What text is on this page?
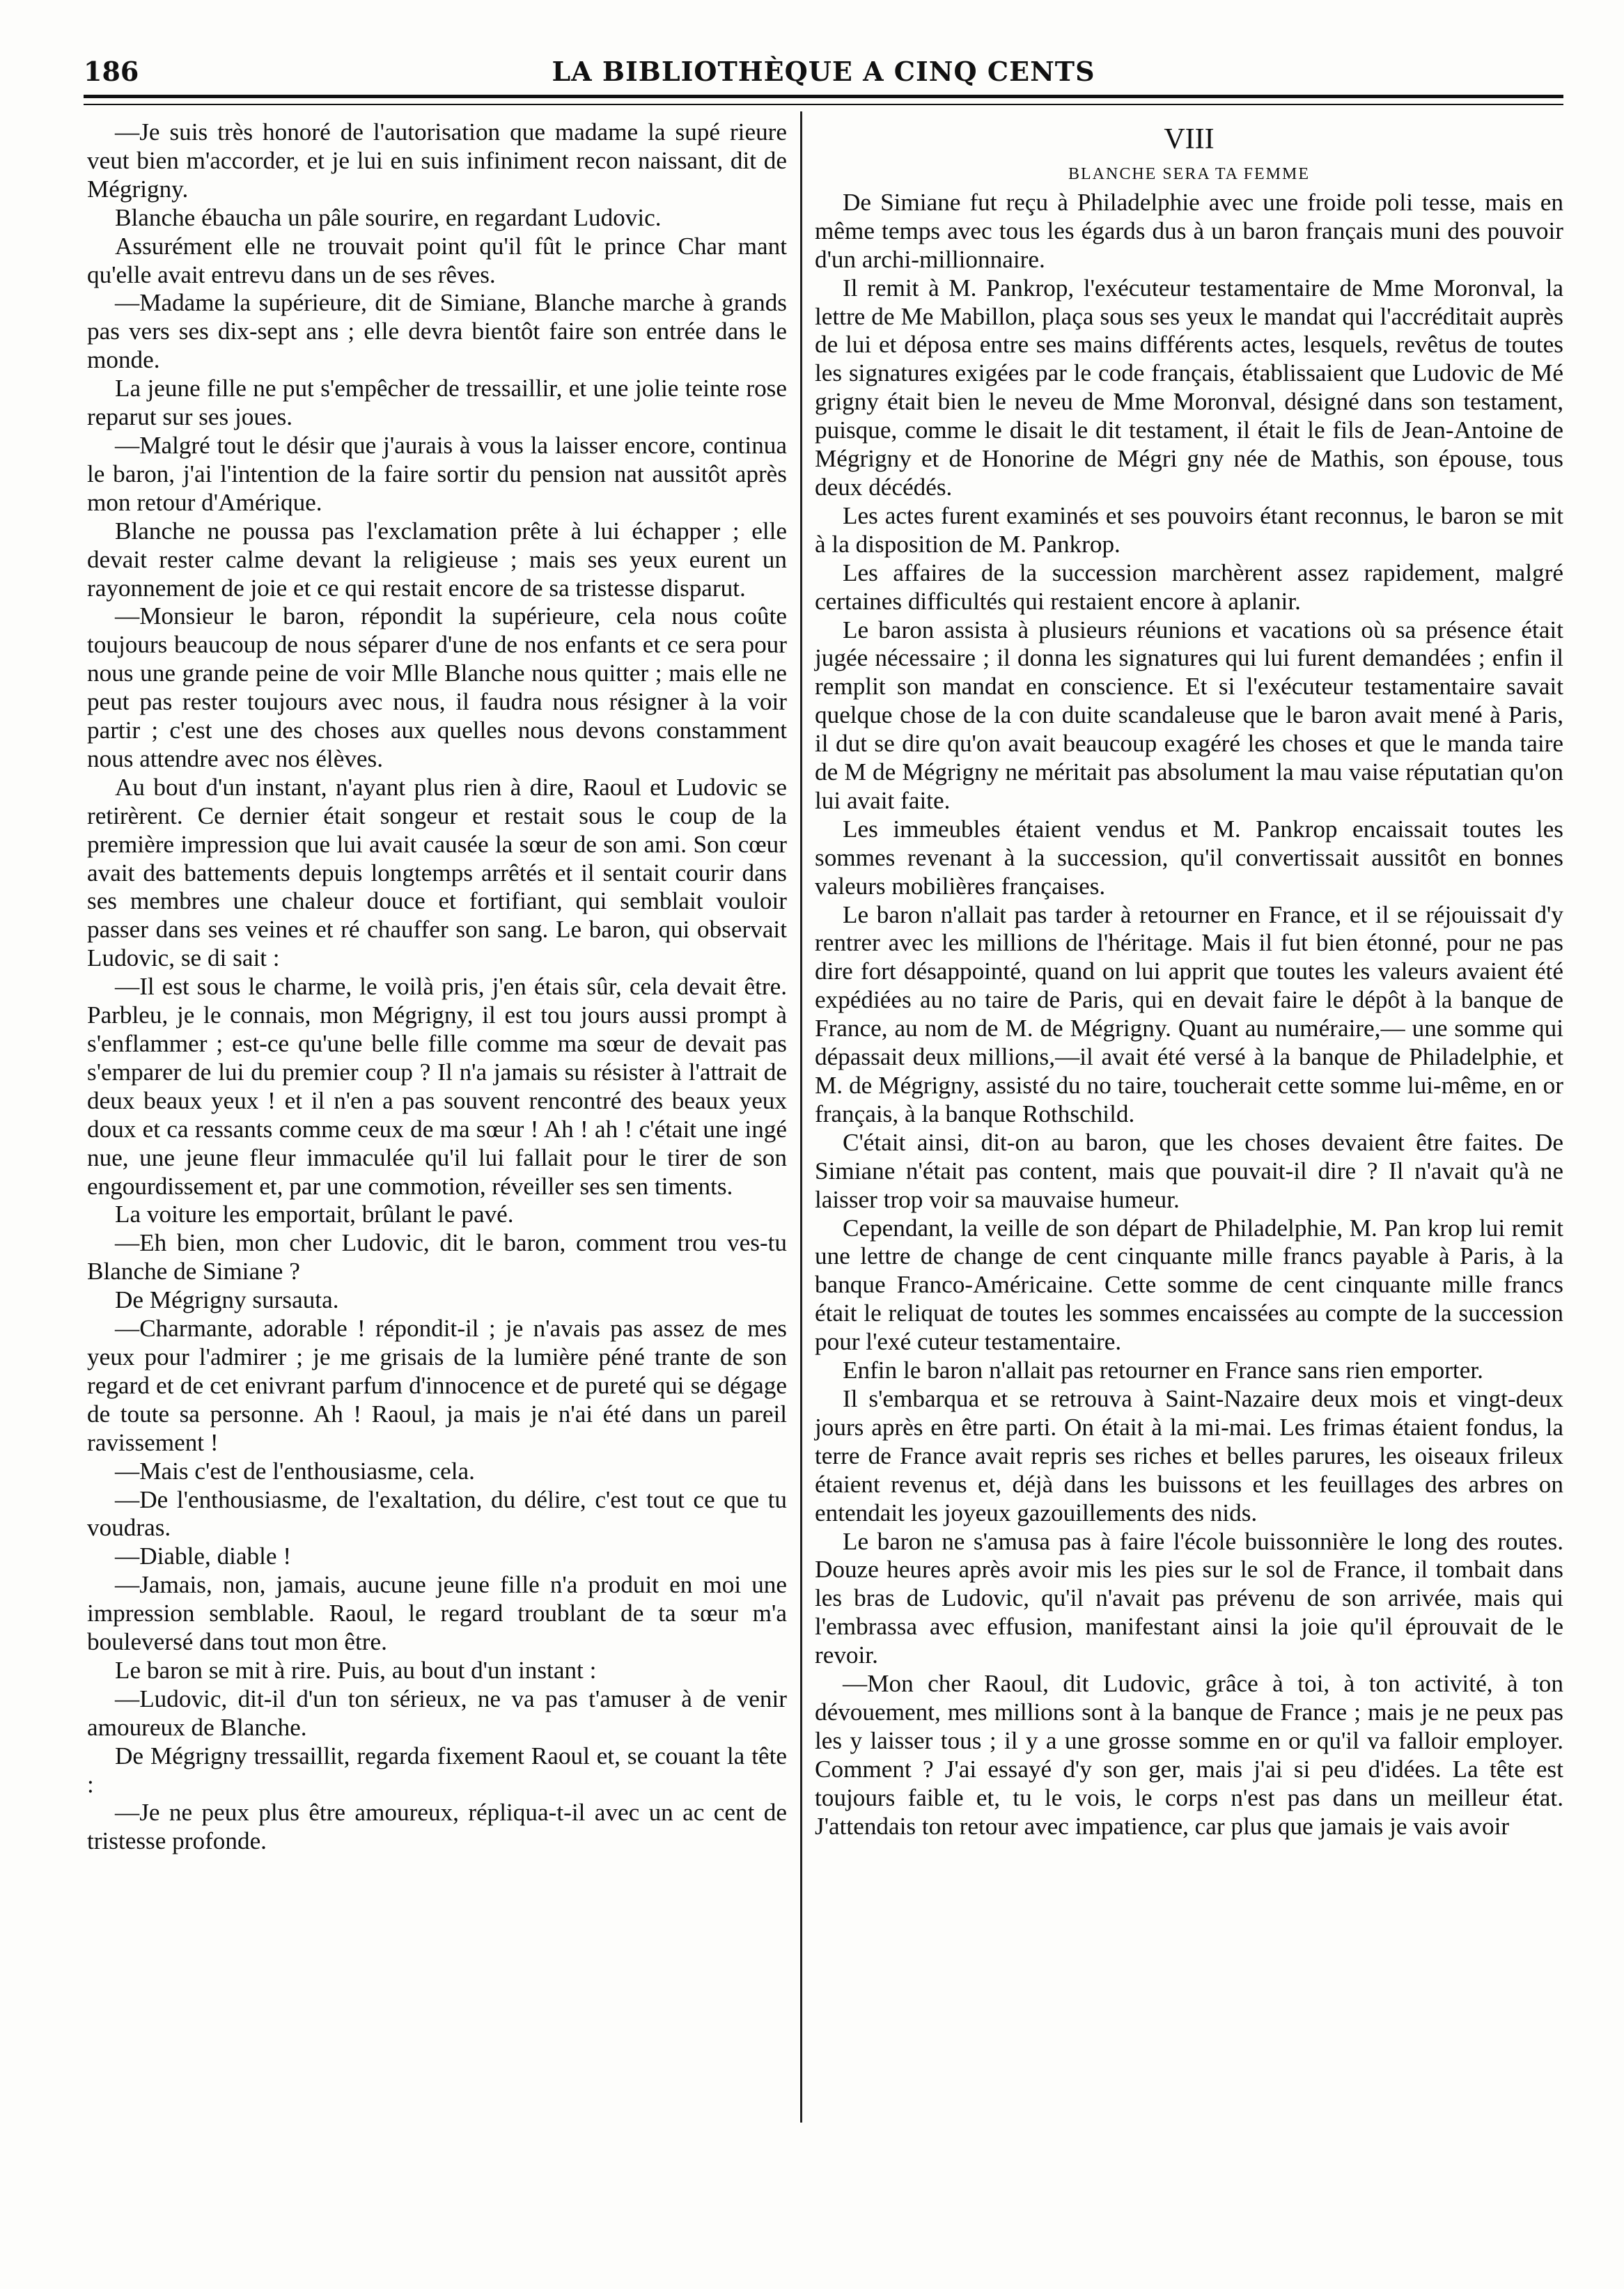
186	LA BIBLIOTHÈQUE A CINQ CENTS

—Je suis très honoré de l'autorisation que madame la supé rieure veut bien m'accorder, et je lui en suis infiniment recon naissant, dit de Mégrigny.

Blanche ébaucha un pâle sourire, en regardant Ludovic.

Assurément elle ne trouvait point qu'il fût le prince Char mant qu'elle avait entrevu dans un de ses rêves.

—Madame la supérieure, dit de Simiane, Blanche marche à grands pas vers ses dix-sept ans ; elle devra bientôt faire son entrée dans le monde.

La jeune fille ne put s'empêcher de tressaillir, et une jolie teinte rose reparut sur ses joues.

—Malgré tout le désir que j'aurais à vous la laisser encore, continua le baron, j'ai l'intention de la faire sortir du pension nat aussitôt après mon retour d'Amérique.

Blanche ne poussa pas l'exclamation prête à lui échapper ; elle devait rester calme devant la religieuse ; mais ses yeux eurent un rayonnement de joie et ce qui restait encore de sa tristesse disparut.

—Monsieur le baron, répondit la supérieure, cela nous coûte toujours beaucoup de nous séparer d'une de nos enfants et ce sera pour nous une grande peine de voir Mlle Blanche nous quitter ; mais elle ne peut pas rester toujours avec nous, il faudra nous résigner à la voir partir ; c'est une des choses aux quelles nous devons constamment nous attendre avec nos élèves.

Au bout d'un instant, n'ayant plus rien à dire, Raoul et Ludovic se retirèrent. Ce dernier était songeur et restait sous le coup de la première impression que lui avait causée la sœur de son ami. Son cœur avait des battements depuis longtemps arrêtés et il sentait courir dans ses membres une chaleur douce et fortifiant, qui semblait vouloir passer dans ses veines et ré chauffer son sang. Le baron, qui observait Ludovic, se di sait :

—Il est sous le charme, le voilà pris, j'en étais sûr, cela devait être. Parbleu, je le connais, mon Mégrigny, il est tou jours aussi prompt à s'enflammer ; est-ce qu'une belle fille comme ma sœur de devait pas s'emparer de lui du premier coup ? Il n'a jamais su résister à l'attrait de deux beaux yeux ! et il n'en a pas souvent rencontré des beaux yeux doux et ca ressants comme ceux de ma sœur ! Ah ! ah ! c'était une ingé nue, une jeune fleur immaculée qu'il lui fallait pour le tirer de son engourdissement et, par une commotion, réveiller ses sen timents.

La voiture les emportait, brûlant le pavé.

—Eh bien, mon cher Ludovic, dit le baron, comment trou ves-tu Blanche de Simiane ?

De Mégrigny sursauta.

—Charmante, adorable ! répondit-il ; je n'avais pas assez de mes yeux pour l'admirer ; je me grisais de la lumière péné trante de son regard et de cet enivrant parfum d'innocence et de pureté qui se dégage de toute sa personne. Ah ! Raoul, ja mais je n'ai été dans un pareil ravissement !

—Mais c'est de l'enthousiasme, cela.

—De l'enthousiasme, de l'exaltation, du délire, c'est tout ce que tu voudras.

—Diable, diable !

—Jamais, non, jamais, aucune jeune fille n'a produit en moi une impression semblable. Raoul, le regard troublant de ta sœur m'a bouleversé dans tout mon être.

Le baron se mit à rire. Puis, au bout d'un instant :

—Ludovic, dit-il d'un ton sérieux, ne va pas t'amuser à de venir amoureux de Blanche.

De Mégrigny tressaillit, regarda fixement Raoul et, se couant la tête :

—Je ne peux plus être amoureux, répliqua-t-il avec un ac cent de tristesse profonde.

VIII

BLANCHE SERA TA FEMME

De Simiane fut reçu à Philadelphie avec une froide poli tesse, mais en même temps avec tous les égards dus à un baron français muni des pouvoir d'un archi-millionnaire.

Il remit à M. Pankrop, l'exécuteur testamentaire de Mme Moronval, la lettre de Me Mabillon, plaça sous ses yeux le mandat qui l'accréditait auprès de lui et déposa entre ses mains différents actes, lesquels, revêtus de toutes les signatures exigées par le code français, établissaient que Ludovic de Mé grigny était bien le neveu de Mme Moronval, désigné dans son testament, puisque, comme le disait le dit testament, il était le fils de Jean-Antoine de Mégrigny et de Honorine de Mégri gny née de Mathis, son épouse, tous deux décédés.

Les actes furent examinés et ses pouvoirs étant reconnus, le baron se mit à la disposition de M. Pankrop.

Les affaires de la succession marchèrent assez rapidement, malgré certaines difficultés qui restaient encore à aplanir.

Le baron assista à plusieurs réunions et vacations où sa présence était jugée nécessaire ; il donna les signatures qui lui furent demandées ; enfin il remplit son mandat en conscience. Et si l'exécuteur testamentaire savait quelque chose de la con duite scandaleuse que le baron avait mené à Paris, il dut se dire qu'on avait beaucoup exagéré les choses et que le manda taire de M de Mégrigny ne méritait pas absolument la mau vaise réputatian qu'on lui avait faite.

Les immeubles étaient vendus et M. Pankrop encaissait toutes les sommes revenant à la succession, qu'il convertissait aussitôt en bonnes valeurs mobilières françaises.

Le baron n'allait pas tarder à retourner en France, et il se réjouissait d'y rentrer avec les millions de l'héritage. Mais il fut bien étonné, pour ne pas dire fort désappointé, quand on lui apprit que toutes les valeurs avaient été expédiées au no taire de Paris, qui en devait faire le dépôt à la banque de France, au nom de M. de Mégrigny. Quant au numéraire,— une somme qui dépassait deux millions,—il avait été versé à la banque de Philadelphie, et M. de Mégrigny, assisté du no taire, toucherait cette somme lui-même, en or français, à la banque Rothschild.

C'était ainsi, dit-on au baron, que les choses devaient être faites. De Simiane n'était pas content, mais que pouvait-il dire ? Il n'avait qu'à ne laisser trop voir sa mauvaise humeur.

Cependant, la veille de son départ de Philadelphie, M. Pan krop lui remit une lettre de change de cent cinquante mille francs payable à Paris, à la banque Franco-Américaine. Cette somme de cent cinquante mille francs était le reliquat de toutes les sommes encaissées au compte de la succession pour l'exé cuteur testamentaire.

Enfin le baron n'allait pas retourner en France sans rien emporter.

Il s'embarqua et se retrouva à Saint-Nazaire deux mois et vingt-deux jours après en être parti. On était à la mi-mai. Les frimas étaient fondus, la terre de France avait repris ses riches et belles parures, les oiseaux frileux étaient revenus et, déjà dans les buissons et les feuillages des arbres on entendait les joyeux gazouillements des nids.

Le baron ne s'amusa pas à faire l'école buissonnière le long des routes. Douze heures après avoir mis les pies sur le sol de France, il tombait dans les bras de Ludovic, qu'il n'avait pas prévenu de son arrivée, mais qui l'embrassa avec effusion, manifestant ainsi la joie qu'il éprouvait de le revoir.

—Mon cher Raoul, dit Ludovic, grâce à toi, à ton activité, à ton dévouement, mes millions sont à la banque de France ; mais je ne peux pas les y laisser tous ; il y a une grosse somme en or qu'il va falloir employer. Comment ? J'ai essayé d'y son ger, mais j'ai si peu d'idées. La tête est toujours faible et, tu le vois, le corps n'est pas dans un meilleur état. J'attendais ton retour avec impatience, car plus que jamais je vais avoir
